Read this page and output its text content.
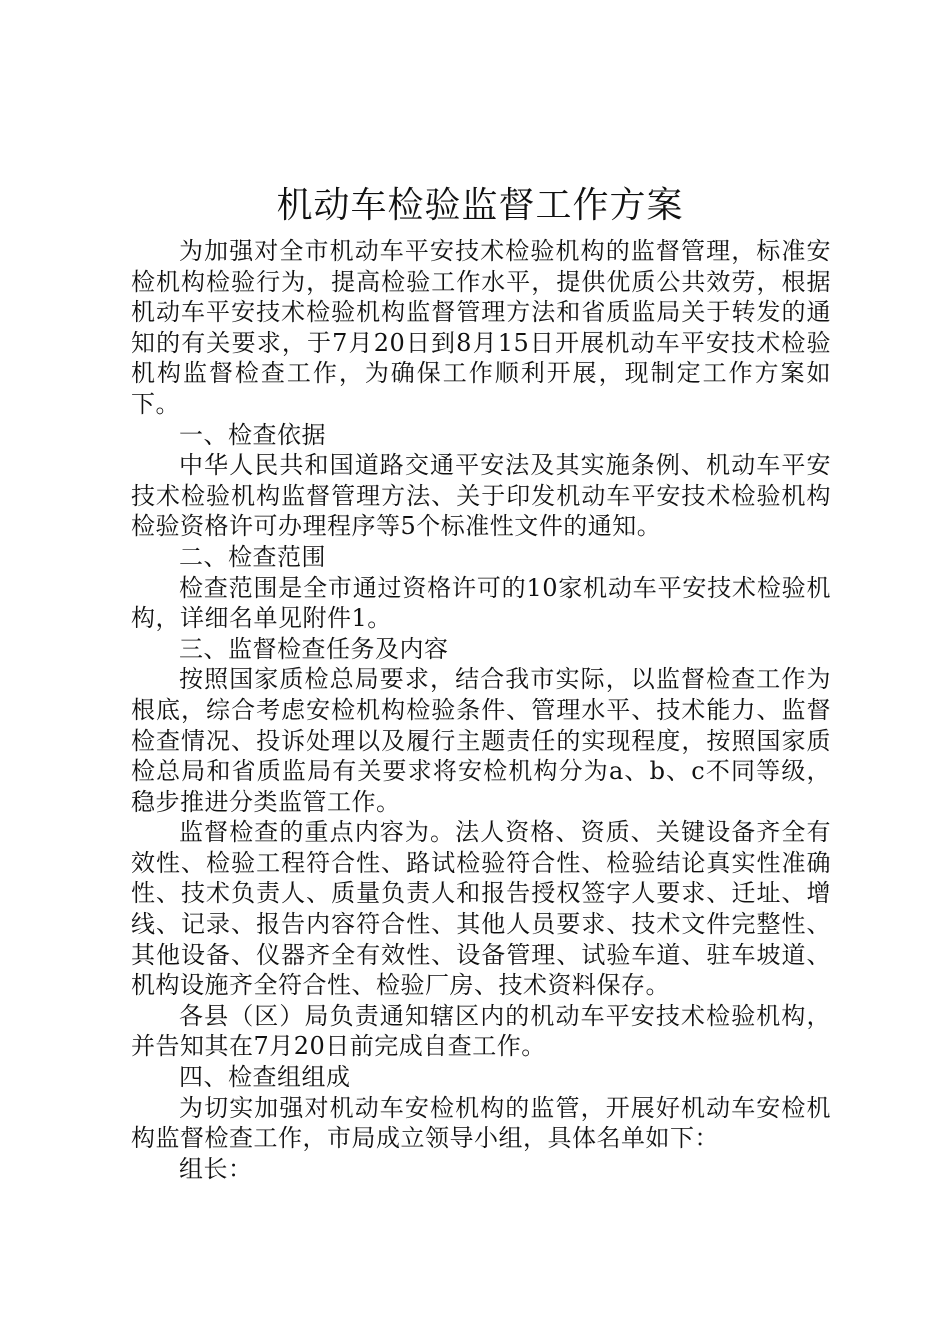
机动车检验监督工作方案

为加强对全市机动车平安技术检验机构的监督管理，标准安检机构检验行为，提高检验工作水平，提供优质公共效劳，根据机动车平安技术检验机构监督管理方法和省质监局关于转发的通知的有关要求，于7月20日到8月15日开展机动车平安技术检验机构监督检查工作，为确保工作顺利开展，现制定工作方案如下。

一、检查依据

中华人民共和国道路交通平安法及其实施条例、机动车平安技术检验机构监督管理方法、关于印发机动车平安技术检验机构检验资格许可办理程序等5个标准性文件的通知。

二、检查范围

检查范围是全市通过资格许可的10家机动车平安技术检验机构，详细名单见附件1。

三、监督检查任务及内容

按照国家质检总局要求，结合我市实际，以监督检查工作为根底，综合考虑安检机构检验条件、管理水平、技术能力、监督检查情况、投诉处理以及履行主题责任的实现程度，按照国家质检总局和省质监局有关要求将安检机构分为a、b、c不同等级，稳步推进分类监管工作。

监督检查的重点内容为。法人资格、资质、关键设备齐全有效性、检验工程符合性、路试检验符合性、检验结论真实性准确性、技术负责人、质量负责人和报告授权签字人要求、迁址、增线、记录、报告内容符合性、其他人员要求、技术文件完整性、其他设备、仪器齐全有效性、设备管理、试验车道、驻车坡道、机构设施齐全符合性、检验厂房、技术资料保存。

各县（区）局负责通知辖区内的机动车平安技术检验机构，并告知其在7月20日前完成自查工作。

四、检查组组成

为切实加强对机动车安检机构的监管，开展好机动车安检机构监督检查工作，市局成立领导小组，具体名单如下：

组长：
